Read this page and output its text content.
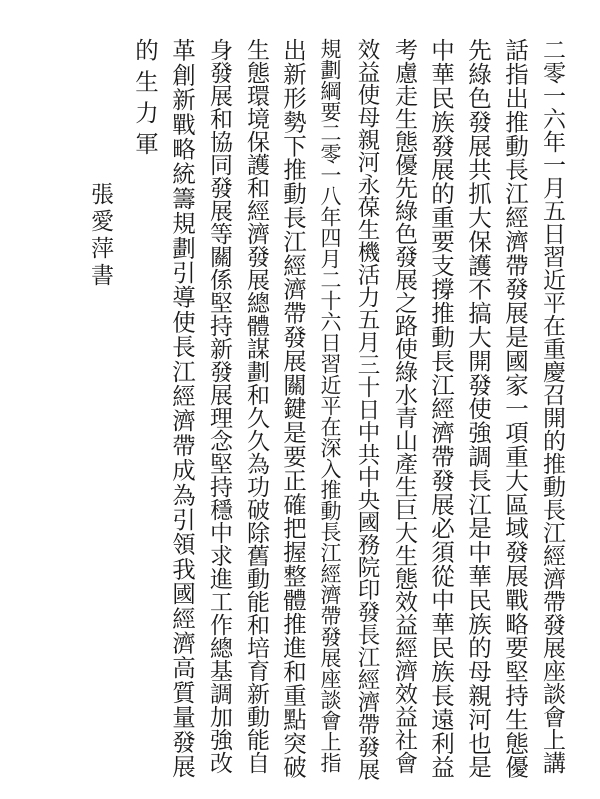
二零一六年一月五日習近平在重慶召開的推動長江經濟帶發展座談會上講
話指出推動長江經濟帶發展是國家一項重大區域發展戰略要堅持生態優
先綠色發展共抓大保護不搞大開發使強調長江是中華民族的母親河也是
中華民族發展的重要支撐推動長江經濟帶發展必須從中華民族長遠利益
考慮走生態優先綠色發展之路使綠水青山產生巨大生態效益經濟效益社會
效益使母親河永葆生機活力五月三十日中共中央國務院印發長江經濟帶發展
規劃綱要二零一八年四月二十六日習近平在深入推動長江經濟帶發展座談會上指
出新形勢下推動長江經濟帶發展關鍵是要正確把握整體推進和重點突破
生態環境保護和經濟發展總體謀劃和久久為功破除舊動能和培育新動能自
身發展和協同發展等關係堅持新發展理念堅持穩中求進工作總基調加強改
革創新戰略統籌規劃引導使長江經濟帶成為引領我國經濟高質量發展
的生力軍
張愛萍書
